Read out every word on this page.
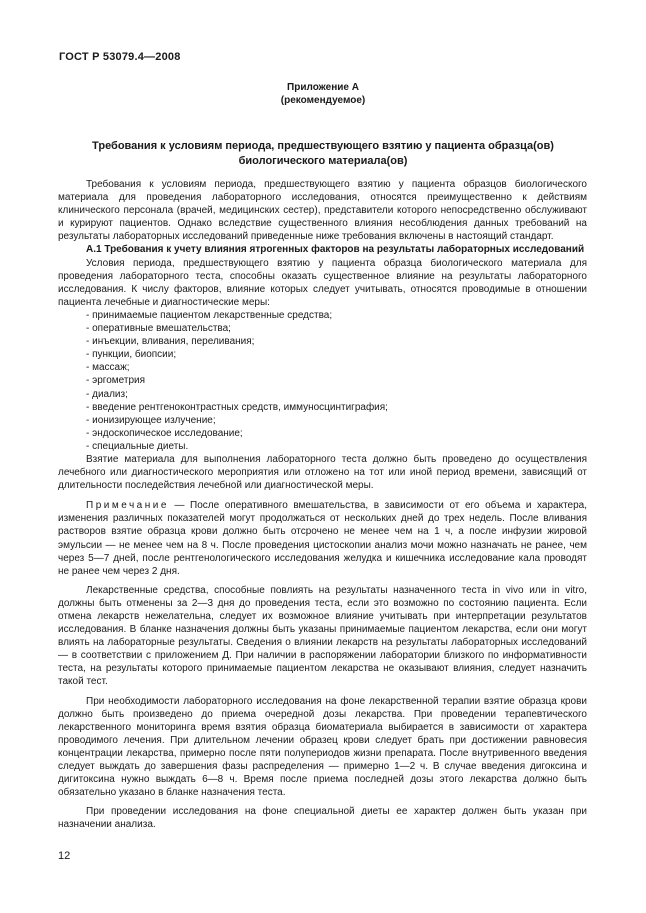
ГОСТ Р 53079.4—2008
Приложение А
(рекомендуемое)
Требования к условиям периода, предшествующего взятию у пациента образца(ов)
биологического материала(ов)

Требования к условиям периода, предшествующего взятию у пациента образцов биологического материала для проведения лабораторного исследования, относятся преимущественно к действиям клинического персонала (врачей, медицинских сестер), представители которого непосредственно обслуживают и курируют пациентов. Однако вследствие существенного влияния несоблюдения данных требований на результаты лабораторных исследований приведенные ниже требования включены в настоящий стандарт.

А.1 Требования к учету влияния ятрогенных факторов на результаты лабораторных исследований

Условия периода, предшествующего взятию у пациента образца биологического материала для проведения лабораторного теста, способны оказать существенное влияние на результаты лабораторного исследования. К числу факторов, влияние которых следует учитывать, относятся проводимые в отношении пациента лечебные и диагностические меры:

- принимаемые пациентом лекарственные средства;
- оперативные вмешательства;
- инъекции, вливания, переливания;
- пункции, биопсии;
- массаж;
- эргометрия
- диализ;
- введение рентгеноконтрастных средств, иммуносцинтиграфия;
- ионизирующее излучение;
- эндоскопическое исследование;
- специальные диеты.

Взятие материала для выполнения лабораторного теста должно быть проведено до осуществления лечебного или диагностического мероприятия или отложено на тот или иной период времени, зависящий от длительности последействия лечебной или диагностической меры.

Примечание — После оперативного вмешательства, в зависимости от его объема и характера, изменения различных показателей могут продолжаться от нескольких дней до трех недель. После вливания растворов взятие образца крови должно быть отсрочено не менее чем на 1 ч, а после инфузии жировой эмульсии — не менее чем на 8 ч. После проведения цистоскопии анализ мочи можно назначать не ранее, чем через 5—7 дней, после рентгенологического исследования желудка и кишечника исследование кала проводят не ранее чем через 2 дня.

Лекарственные средства, способные повлиять на результаты назначенного теста in vivo или in vitro, должны быть отменены за 2—3 дня до проведения теста, если это возможно по состоянию пациента. Если отмена лекарств нежелательна, следует их возможное влияние учитывать при интерпретации результатов исследования. В бланке назначения должны быть указаны принимаемые пациентом лекарства, если они могут влиять на лабораторные результаты. Сведения о влиянии лекарств на результаты лабораторных исследований — в соответствии с приложением Д. При наличии в распоряжении лаборатории близкого по информативности теста, на результаты которого принимаемые пациентом лекарства не оказывают влияния, следует назначить такой тест.

При необходимости лабораторного исследования на фоне лекарственной терапии взятие образца крови должно быть произведено до приема очередной дозы лекарства. При проведении терапевтического лекарственного мониторинга время взятия образца биоматериала выбирается в зависимости от характера проводимого лечения. При длительном лечении образец крови следует брать при достижении равновесия концентрации лекарства, примерно после пяти полупериодов жизни препарата. После внутривенного введения следует выждать до завершения фазы распределения — примерно 1—2 ч. В случае введения дигоксина и дигитоксина нужно выждать 6—8 ч. Время после приема последней дозы этого лекарства должно быть обязательно указано в бланке назначения теста.

При проведении исследования на фоне специальной диеты ее характер должен быть указан при назначении анализа.

12
